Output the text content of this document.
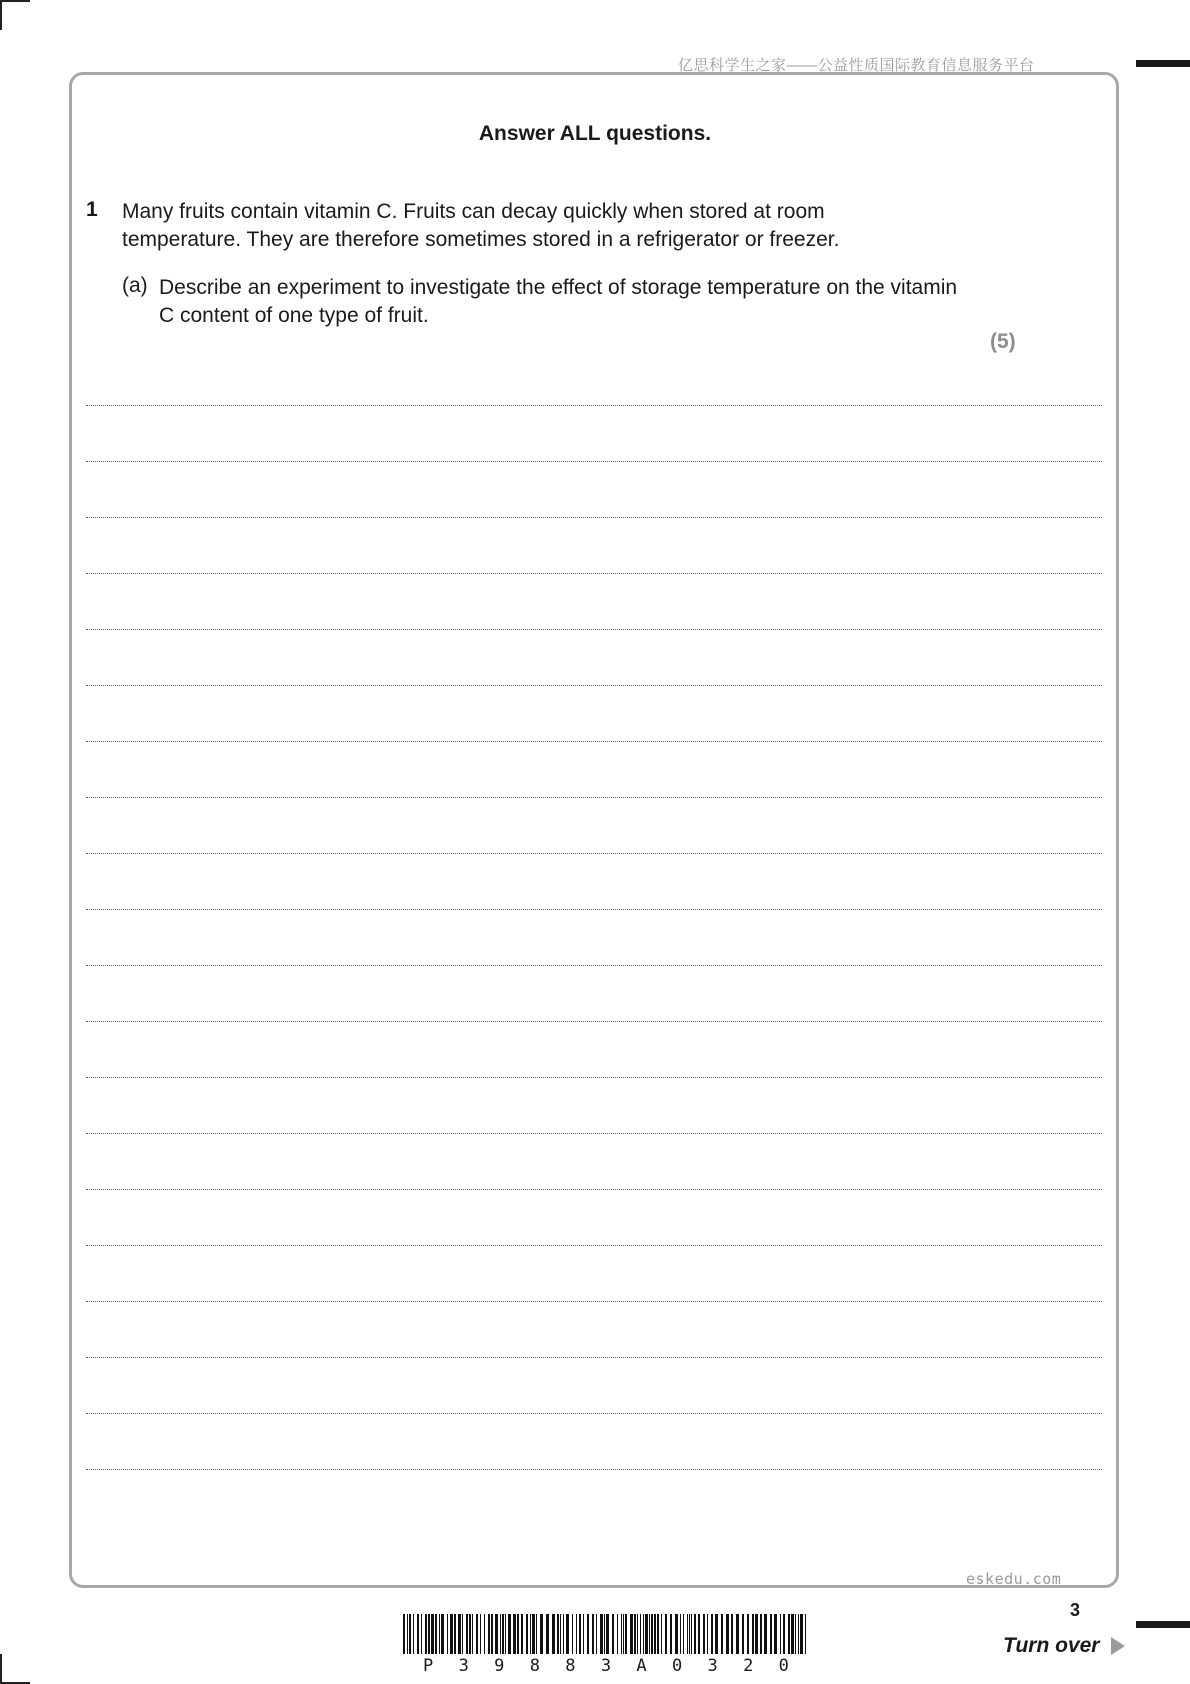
亿思科学生之家——公益性质国际教育信息服务平台
Answer ALL questions.
1 Many fruits contain vitamin C. Fruits can decay quickly when stored at room temperature. They are therefore sometimes stored in a refrigerator or freezer.
(a) Describe an experiment to investigate the effect of storage temperature on the vitamin C content of one type of fruit.
(5)
eskedu.com
3
Turn over
P 3 9 8 8 3 A 0 3 2 0
